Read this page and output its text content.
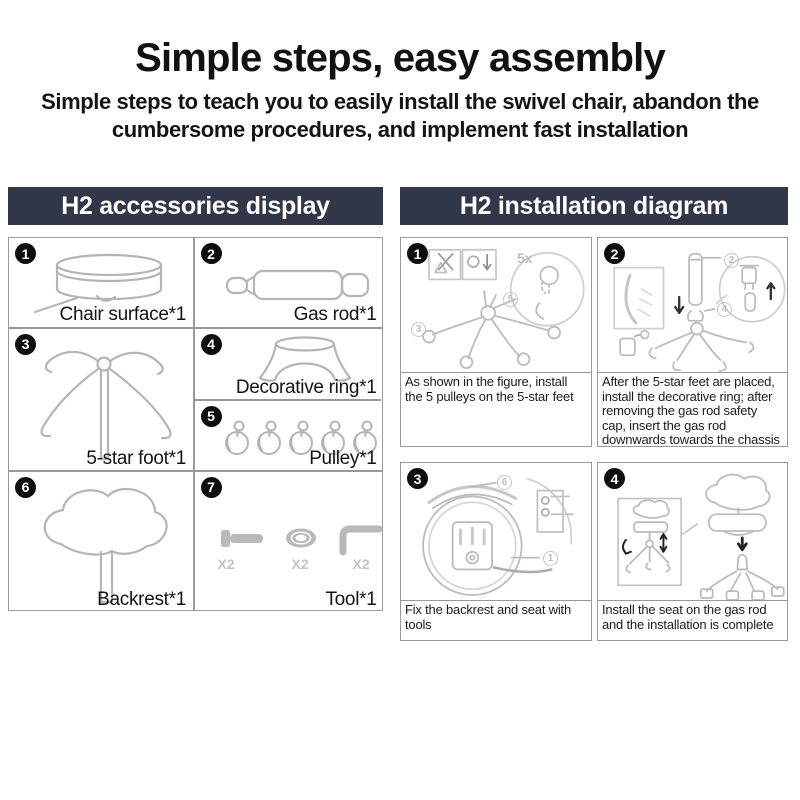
Simple steps, easy assembly
Simple steps to teach you to easily install the swivel chair, abandon the
cumbersome procedures, and implement fast installation
H2 accessories display	H2 installation diagram
1
Chair surface*1
2
Gas rod*1
3
5-star foot*1
4
Decorative ring*1
5
Pulley*1
6
Backrest*1
7
X2	X2	X2
Tool*1
1	5x
5
3
As shown in the figure, install the 5 pulleys on the 5-star feet
2	2
4
After the 5-star feet are placed, install the decorative ring; after removing the gas rod safety cap, insert the gas rod downwards towards the chassis
3	6
1
Fix the backrest and seat with tools
4
Install the seat on the gas rod and the installation is complete
